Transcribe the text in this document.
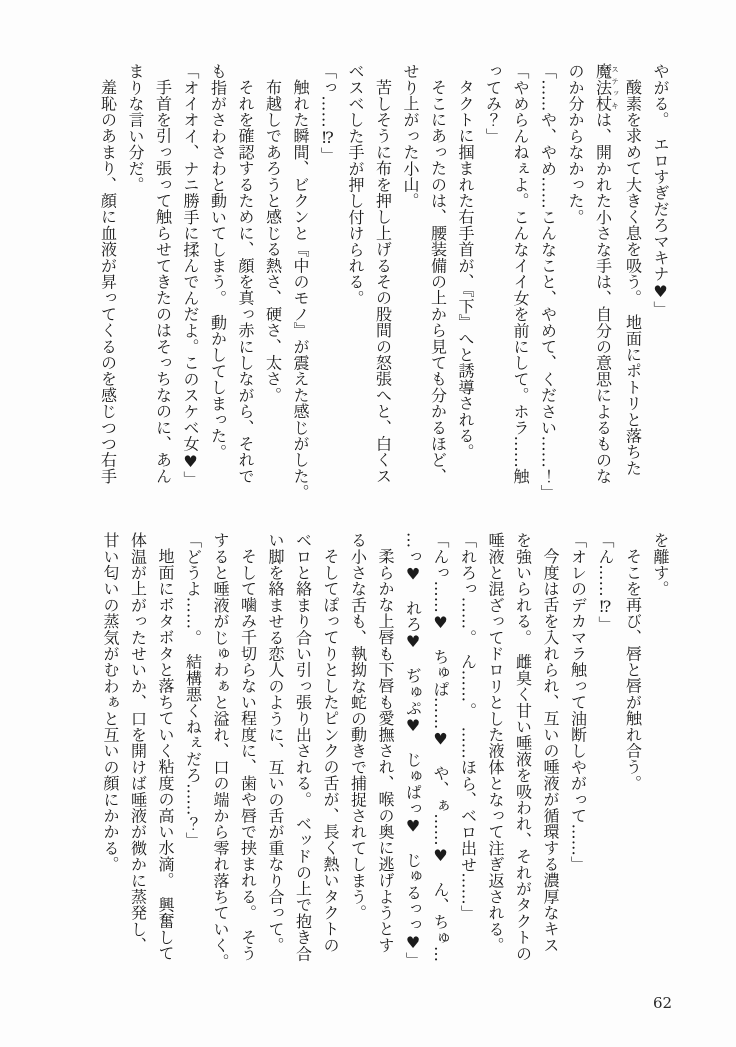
やがる。　エロすぎだろマキナ♥」

酸素を求めて大きく息を吸う。　地面にポトリと落ちた

魔法杖ステッキは、開かれた小さな手は、自分の意思によるものな

のか分からなかった。

「……や、やめ……こんなこと、やめて、ください……！」

「やめらんねぇよ。こんなイイ女を前にして。ホラ……触

ってみ？」

タクトに掴まれた右手首が、『下』へと誘導される。

そこにあったのは、腰装備の上から見ても分かるほど、

せり上がった小山。

苦しそうに布を押し上げるその股間の怒張へと、白くス

ベスベした手が押し付けられる。

「っ……⁉」

触れた瞬間、ビクンと『中のモノ』が震えた感じがした。

布越しであろうと感じる熱さ、硬さ、太さ。

それを確認するために、顔を真っ赤にしながら、それで

も指がさわさわと動いてしまう。　動かしてしまった。

「オイオイ、ナニ勝手に揉んでんだよ。このスケベ女♥」

手首を引っ張って触らせてきたのはそっちなのに、あん

まりな言い分だ。

羞恥のあまり、顔に血液が昇ってくるのを感じつつ右手

を離す。

そこを再び、唇と唇が触れ合う。

「ん……⁉」

「オレのデカマラ触って油断しやがって……」

今度は舌を入れられ、互いの唾液が循環する濃厚なキス

を強いられる。　雌臭く甘い唾液を吸われ、それがタクトの

唾液と混ざってドロリとした液体となって注ぎ返される。

「れろっ……。　ん……。　……ほら、ベロ出せ……」

「んっ……♥　ちゅぱ……♥　や、ぁ……♥　ん、ちゅ…

…っ♥　れろ♥　ぢゅぷ♥　じゅぱっ♥　じゅるっっ♥」

柔らかな上唇も下唇も愛撫され、喉の奥に逃げようとす

る小さな舌も、執拗な蛇の動きで捕捉されてしまう。

そしてぽってりとしたピンクの舌が、長く熱いタクトの

ベロと絡まり合い引っ張り出される。　ベッドの上で抱き合

い脚を絡ませる恋人のように、互いの舌が重なり合って。

そして噛み千切らない程度に、歯や唇で挟まれる。　そう

すると唾液がじゅわぁと溢れ、口の端から零れ落ちていく。

「どうよ……。　結構悪くねぇだろ……？」

地面にボタボタと落ちていく粘度の高い水滴。　興奮して

体温が上がったせいか、口を開けば唾液が微かに蒸発し、

甘い匂いの蒸気がむわぁと互いの顔にかかる。

62
